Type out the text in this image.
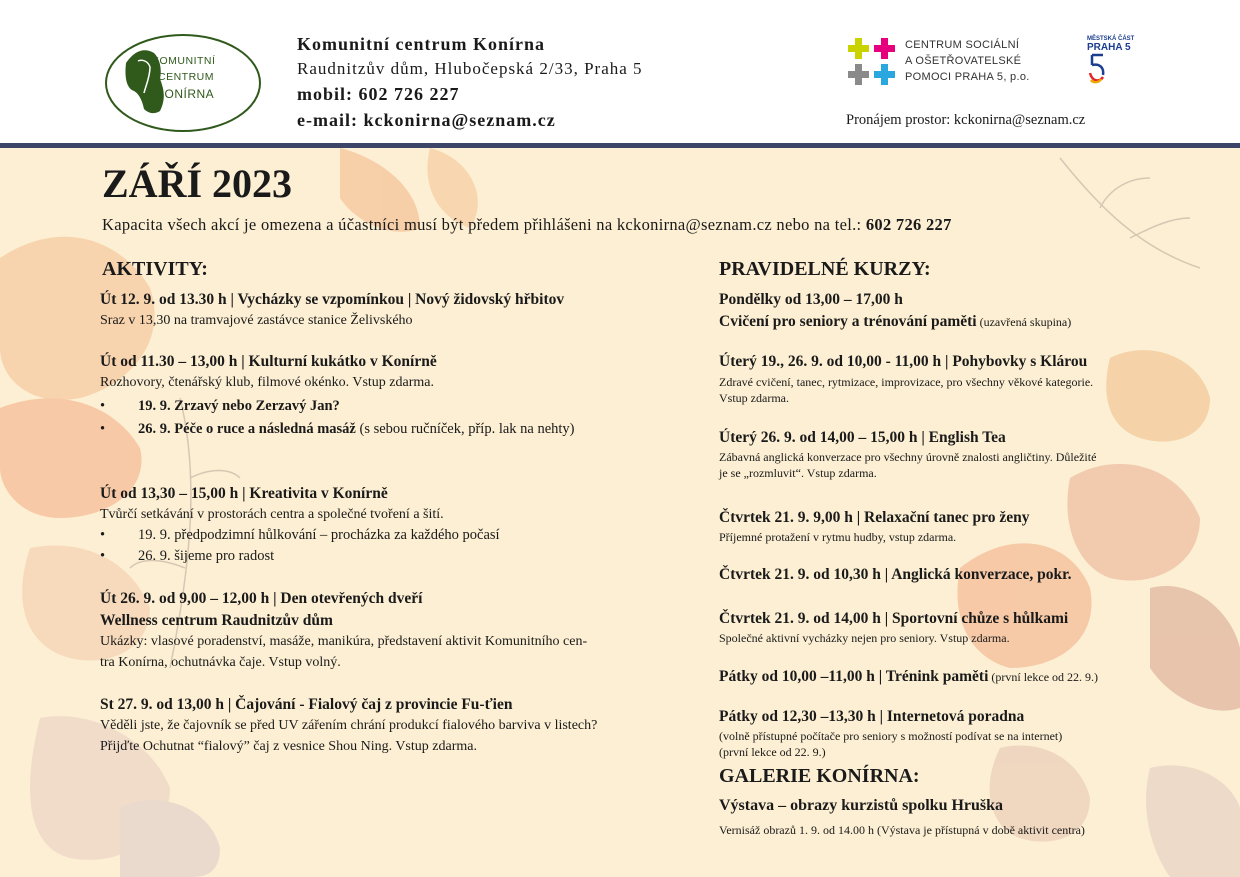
KOMUNITNÍ
CENTRUM
KONÍRNA
Komunitní centrum Konírna
Raudnitzův dům, Hlubočepská 2/33, Praha 5
mobil: 602 726 227
e-mail: kckonirna@seznam.cz
CENTRUM SOCIÁLNÍ
A OŠETŘOVATELSKÉ
POMOCI PRAHA 5, p.o.
MĚSTSKÁ ČÁST
PRAHA 5
Pronájem prostor: kckonirna@seznam.cz
ZÁŘÍ 2023
Kapacita všech akcí je omezena a účastníci musí být předem přihlášeni na kckonirna@seznam.cz nebo na tel.: 602 726 227
AKTIVITY:
Út 12. 9. od 13.30 h | Vycházky se vzpomínkou | Nový židovský hřbitov
Sraz v 13,30 na tramvajové zastávce stanice Želivského
Út od 11.30 – 13,00 h | Kulturní kukátko v Konírně
Rozhovory, čtenářský klub, filmové okénko. Vstup zdarma.
• 19. 9. Zrzavý nebo Zerzavý Jan?
• 26. 9. Péče o ruce a následná masáž (s sebou ručníček, příp. lak na nehty)
Út od 13,30 – 15,00 h | Kreativita v Konírně
Tvůrčí setkávání v prostorách centra a společné tvoření a šití.
• 19. 9. předpodzimní hůlkování – procházka za každého počasí
• 26. 9. šijeme pro radost
Út 26. 9. od 9,00 – 12,00 h | Den otevřených dveří
Wellness centrum Raudnitzův dům
Ukázky: vlasové poradenství, masáže, manikúra, představení aktivit Komunitního cen-
tra Konírna, ochutnávka čaje. Vstup volný.
St 27. 9. od 13,00 h | Čajování - Fialový čaj z provincie Fu-ťien
Věděli jste, že čajovník se před UV zářením chrání produkcí fialového barviva v listech?
Přijďte Ochutnat “fialový” čaj z vesnice Shou Ning. Vstup zdarma.
PRAVIDELNÉ KURZY:
Pondělky od 13,00 – 17,00 h
Cvičení pro seniory a trénování paměti (uzavřená skupina)
Úterý 19., 26. 9. od 10,00 - 11,00 h | Pohybovky s Klárou
Zdravé cvičení, tanec, rytmizace, improvizace, pro všechny věkové kategorie.
Vstup zdarma.
Úterý 26. 9. od 14,00 – 15,00 h | English Tea
Zábavná anglická konverzace pro všechny úrovně znalosti angličtiny. Důležité
je se „rozmluvit“. Vstup zdarma.
Čtvrtek 21. 9. 9,00 h | Relaxační tanec pro ženy
Příjemné protažení v rytmu hudby, vstup zdarma.
Čtvrtek 21. 9. od 10,30 h | Anglická konverzace, pokr.
Čtvrtek 21. 9. od 14,00 h | Sportovní chůze s hůlkami
Společné aktivní vycházky nejen pro seniory. Vstup zdarma.
Pátky od 10,00 –11,00 h | Trénink paměti (první lekce od 22. 9.)
Pátky od 12,30 –13,30 h | Internetová poradna
(volně přístupné počítače pro seniory s možností podívat se na internet)
(první lekce od 22. 9.)
GALERIE KONÍRNA:
Výstava – obrazy kurzistů spolku Hruška
Vernisáž obrazů 1. 9. od 14.00 h (Výstava je přístupná v době aktivit centra)
